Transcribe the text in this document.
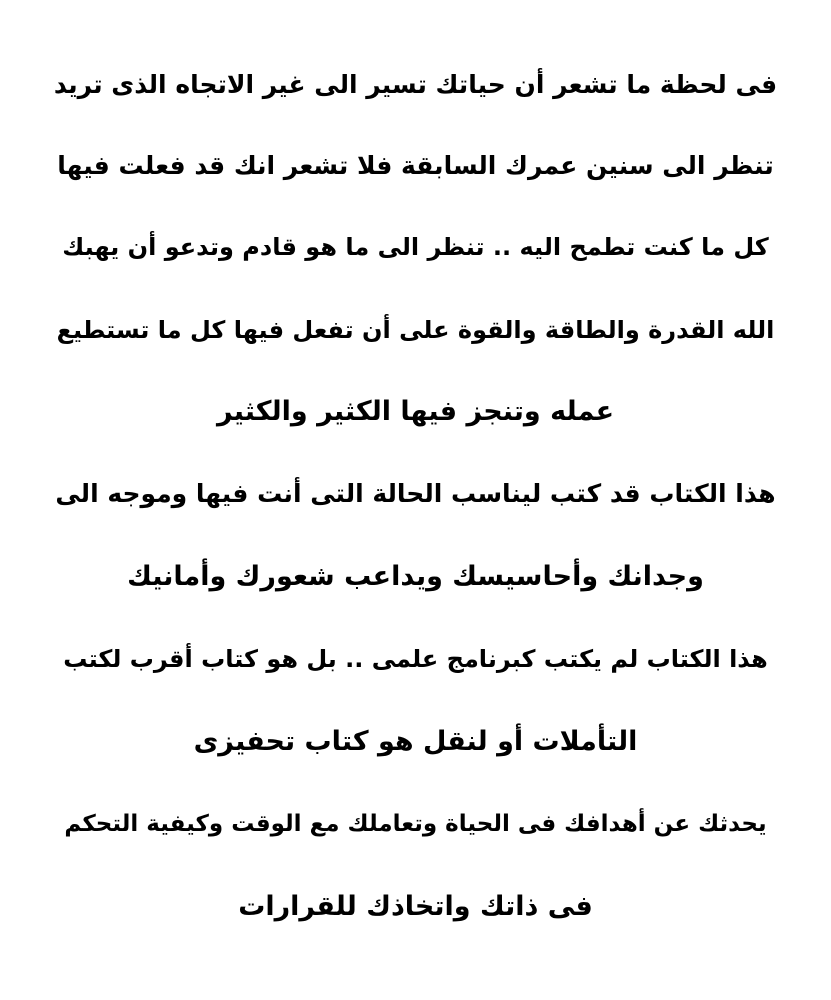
فى لحظة ما تشعر أن حياتك تسير الى غير الاتجاه الذى تريد
تنظر الى سنين عمرك السابقة فلا تشعر انك قد فعلت فيها
كل ما كنت تطمح اليه .. تنظر الى ما هو قادم وتدعو أن يهبك
الله القدرة والطاقة والقوة على أن تفعل فيها كل ما تستطيع
عمله وتنجز فيها الكثير والكثير
هذا الكتاب قد كتب ليناسب الحالة التى أنت فيها وموجه الى
وجدانك وأحاسيسك ويداعب شعورك وأمانيك
هذا الكتاب لم يكتب كبرنامج علمى .. بل هو كتاب أقرب لكتب
التأملات أو لنقل هو كتاب تحفيزى
يحدثك عن أهدافك فى الحياة وتعاملك مع الوقت وكيفية التحكم
فى ذاتك واتخاذك للقرارات
